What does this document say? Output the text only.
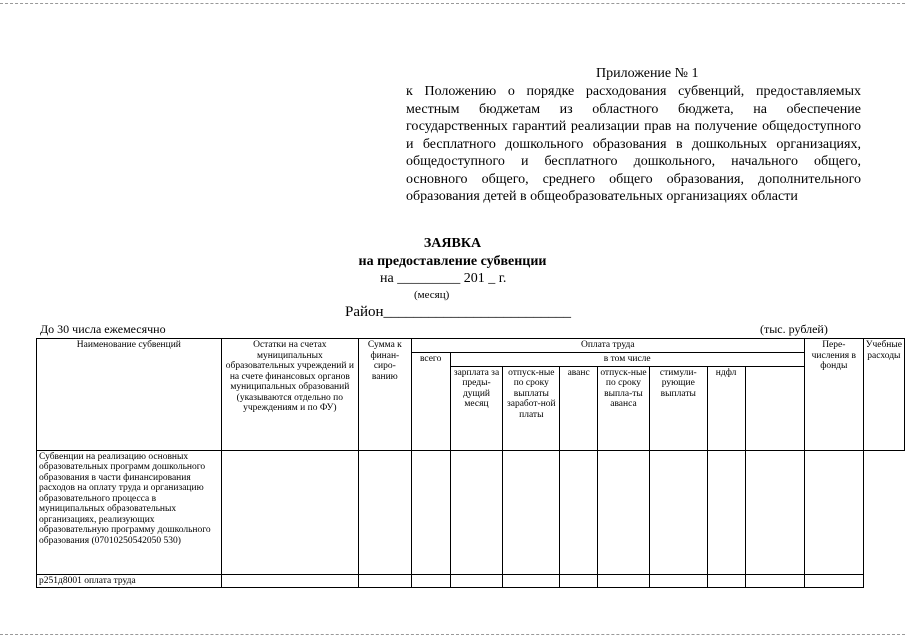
Приложение № 1
к Положению о порядке расходования субвенций, предоставляемых местным бюджетам из областного бюджета, на обеспечение государственных гарантий реализации прав на получение общедоступного и бесплатного дошкольного образования в дошкольных организациях, общедоступного и бесплатного дошкольного, начального общего, основного общего, среднего общего образования, дополнительного образования детей в общеобразовательных организациях области
ЗАЯВКА
на предоставление субвенции
на _________ 201 _ г.
(месяц)
Район_________________________
До 30 числа ежемесячно	(тыс. рублей)
Наименование субвенций	Остатки на счетах муниципальных образовательных учреждений и на счете финансовых органов муниципальных образований (указываются отдельно по учреждениям и по ФУ)	Сумма к финан-сиро-ванию	Оплата труда								Пере-числения в фонды	Учебные расходы
			всего	в том числе								
				зарплата за преды-дущий месяц	отпуск-ные по сроку выплаты заработ-ной платы	аванс	отпуск-ные по сроку выпла-ты аванса	стимули-рующие выплаты	ндфл			
Субвенции на реализацию основных образовательных программ дошкольного образования в части финансирования расходов на оплату труда и организацию образовательного процесса в муниципальных образовательных организациях, реализующих образовательную программу дошкольного образования (07010250542050 530)												
р251д8001 оплата труда												
